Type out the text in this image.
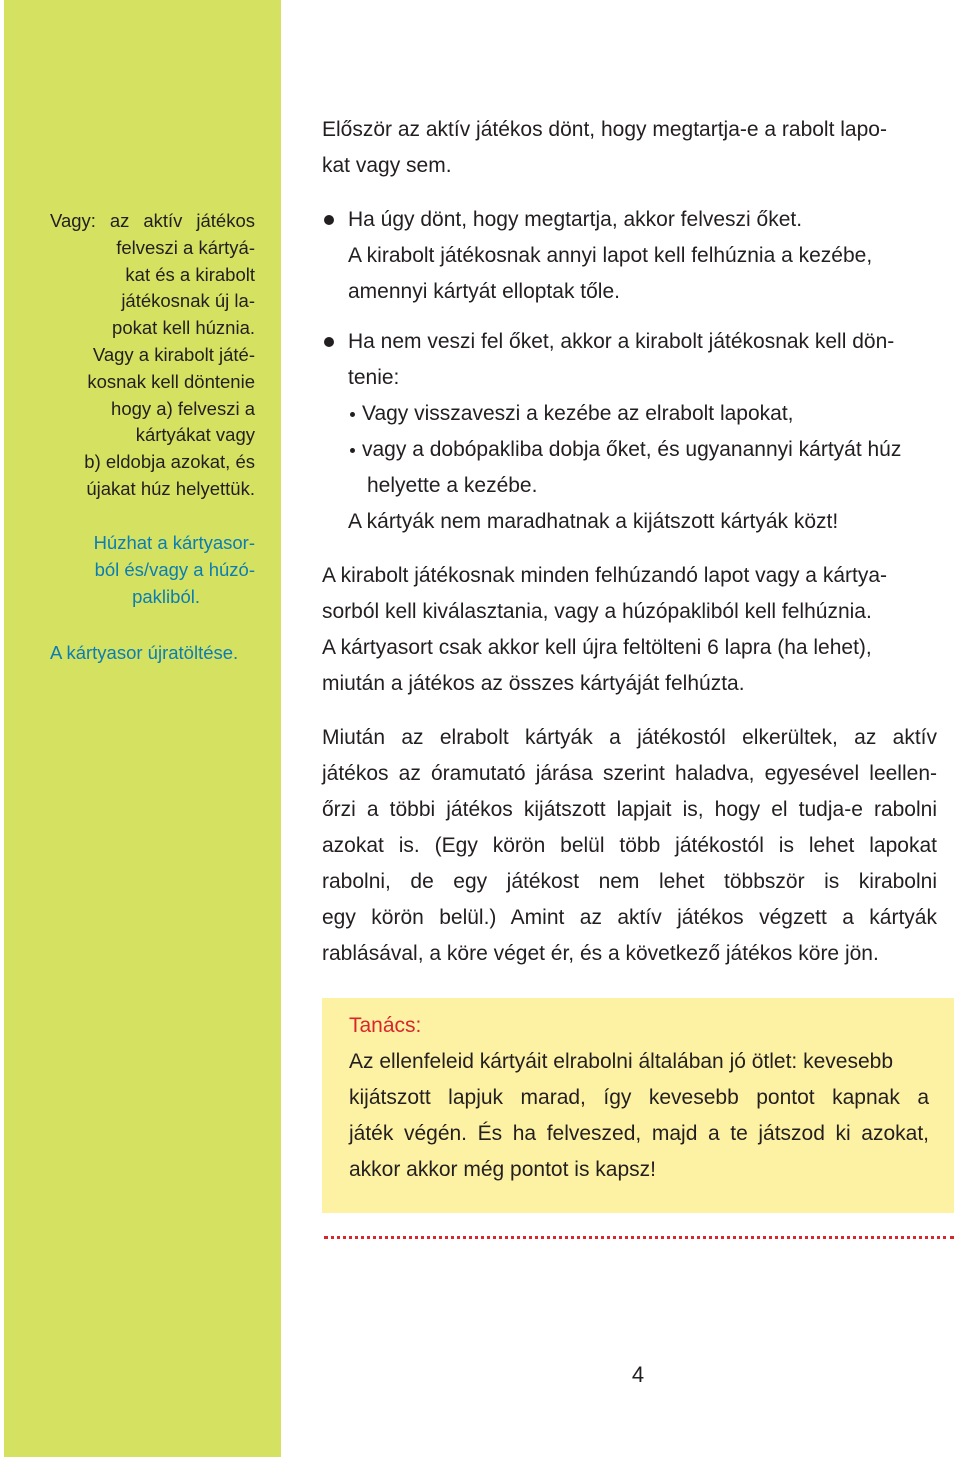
Vagy: az aktív játékos

felveszi a kártyá-

kat és a kirabolt

játékosnak új la-

pokat kell húznia.

Vagy a kirabolt játé-

kosnak kell döntenie

hogy a) felveszi a

kártyákat vagy

b) eldobja azokat, és

újakat húz helyettük.

Húzhat a kártyasor-

ból és/vagy a húzó-

pakliból.

A kártyasor újratöltése.

Először az aktív játékos dönt, hogy megtartja-e a rabolt lapo-

kat vagy sem.

Ha úgy dönt, hogy megtartja, akkor felveszi őket.

A kirabolt játékosnak annyi lapot kell felhúznia a kezébe,

amennyi kártyát elloptak tőle.

Ha nem veszi fel őket, akkor a kirabolt játékosnak kell dön-

tenie:

Vagy visszaveszi a kezébe az elrabolt lapokat,

vagy a dobópakliba dobja őket, és ugyanannyi kártyát húz

helyette a kezébe.

A kártyák nem maradhatnak a kijátszott kártyák közt!

A kirabolt játékosnak minden felhúzandó lapot vagy a kártya-

sorból kell kiválasztania, vagy a húzópakliból kell felhúznia.

A kártyasort csak akkor kell újra feltölteni 6 lapra (ha lehet),

miután a játékos az összes kártyáját felhúzta.

Miután az elrabolt kártyák a játékostól elkerültek, az aktív

játékos az óramutató járása szerint haladva, egyesével leellen-

őrzi a többi játékos kijátszott lapjait is, hogy el tudja-e rabolni

azokat is. (Egy körön belül több játékostól is lehet lapokat

rabolni, de egy játékost nem lehet többször is kirabolni

egy körön belül.) Amint az aktív játékos végzett a kártyák

rablásával, a köre véget ér, és a következő játékos köre jön.

Tanács:

Az ellenfeleid kártyáit elrabolni általában jó ötlet: kevesebb

kijátszott lapjuk marad, így kevesebb pontot kapnak a

játék végén. És ha felveszed, majd a te játszod ki azokat,

akkor akkor még pontot is kapsz!

4
